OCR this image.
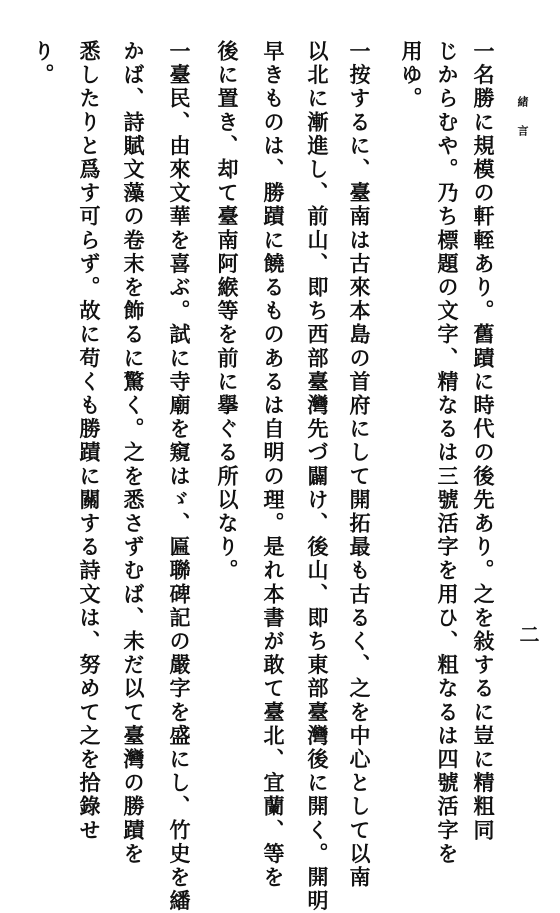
緒言
二
一名勝に規模の軒輊あり。舊蹟に時代の後先あり。之を敍するに豈に精粗同
じからむや。乃ち標題の文字、精なるは三號活字を用ひ、粗なるは四號活字を
用ゆ。
一按するに、臺南は古來本島の首府にして開拓最も古るく、之を中心として以南
以北に漸進し、前山、即ち西部臺灣先づ闢け、後山、即ち東部臺灣後に開く。開明
早きものは、勝蹟に饒るものあるは自明の理。是れ本書が敢て臺北、宜蘭、等を
後に置き、却て臺南阿緱等を前に擧ぐる所以なり。
一臺民、由來文華を喜ぶ。試に寺廟を窺はゞ、匾聯碑記の嚴字を盛にし、竹史を繙
かば、詩賦文藻の卷末を飾るに驚く。之を悉さずむば、未だ以て臺灣の勝蹟を
悉したりと爲す可らず。故に苟くも勝蹟に關する詩文は、努めて之を拾錄せ
り。
